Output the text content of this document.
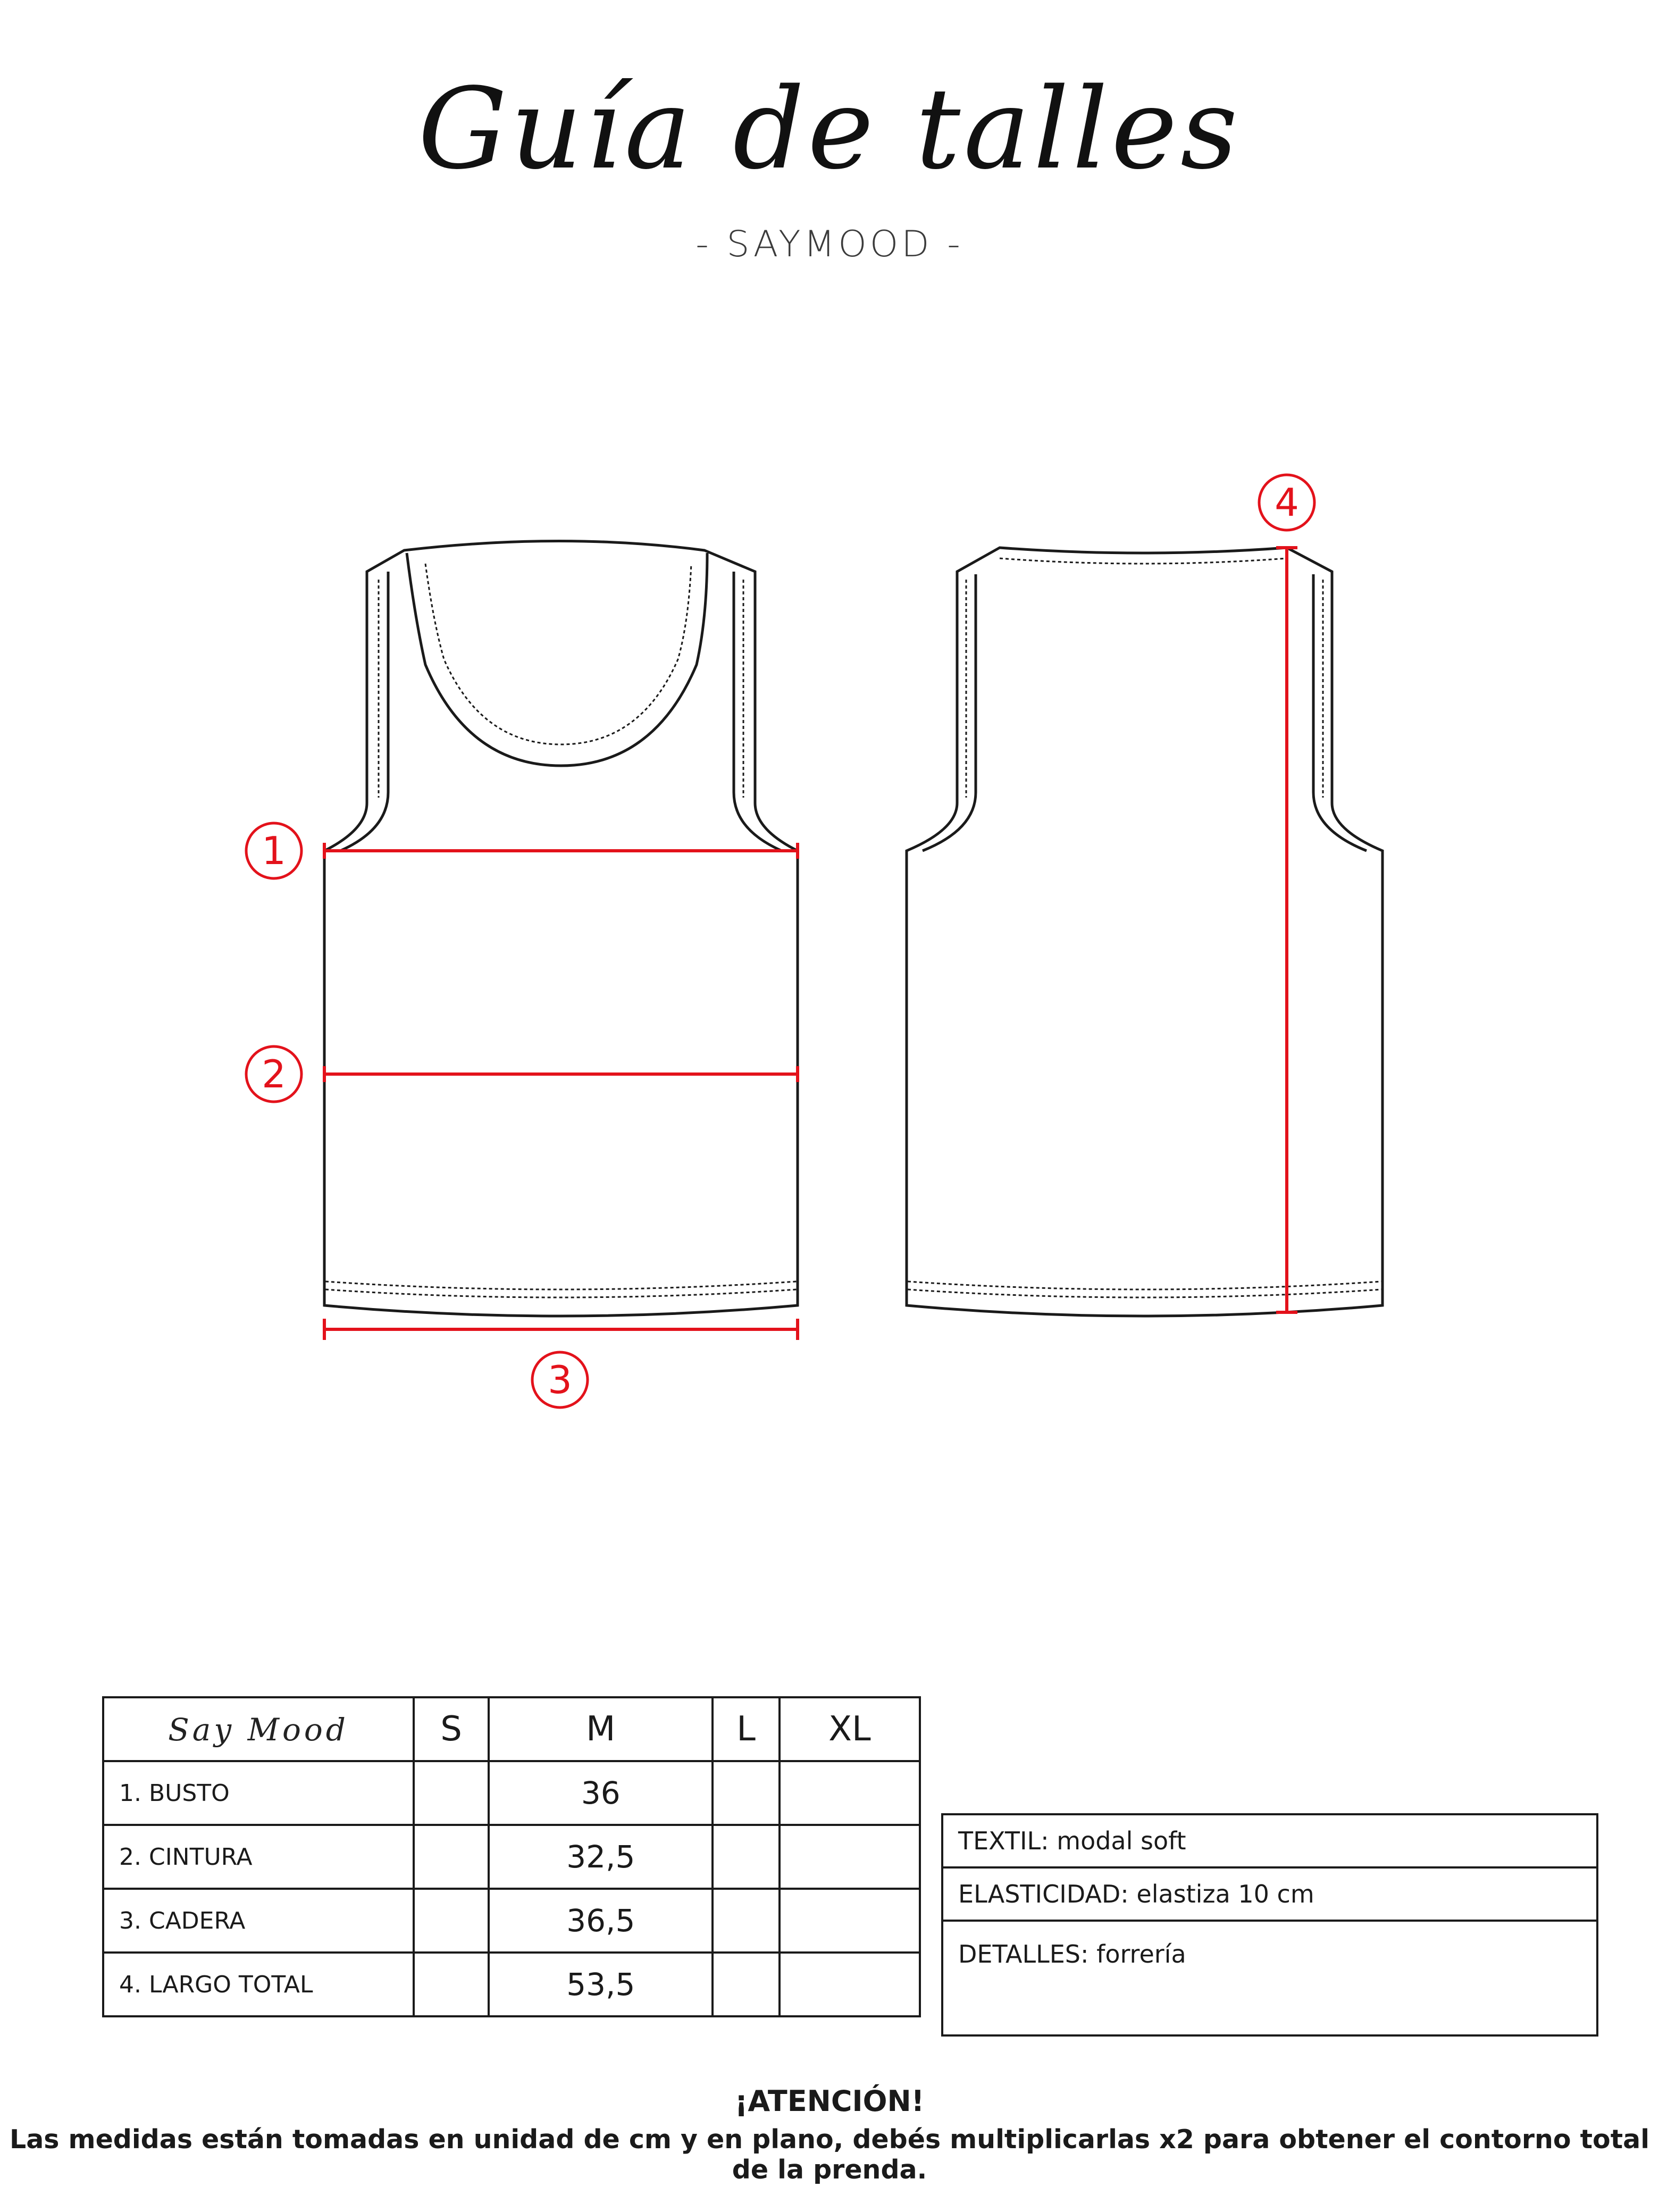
Guía de talles
- SAYMOOD -
1
2
3
4
Say Mood	S	M	L	XL
1. BUSTO		36		
2. CINTURA		32,5		
3. CADERA		36,5		
4. LARGO TOTAL		53,5		
TEXTIL: modal soft
ELASTICIDAD: elastiza 10 cm
DETALLES: forrería
¡ATENCIÓN!
Las medidas están tomadas en unidad de cm y en plano, debés multiplicarlas x2 para obtener el contorno total de la prenda.
